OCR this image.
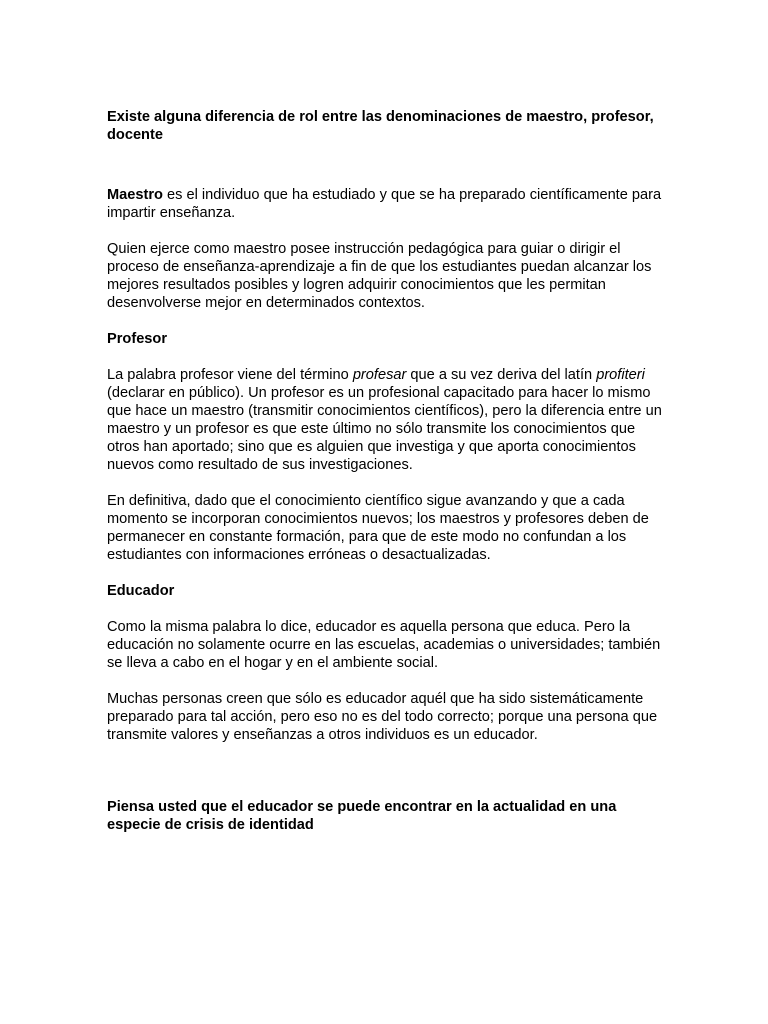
Existe alguna diferencia de rol entre las denominaciones de maestro, profesor, docente

Maestro es el individuo que ha estudiado y que se ha preparado científicamente para impartir enseñanza.

Quien ejerce como maestro posee instrucción pedagógica para guiar o dirigir el proceso de enseñanza-aprendizaje a fin de que los estudiantes puedan alcanzar los mejores resultados posibles y logren adquirir conocimientos que les permitan desenvolverse mejor en determinados contextos.

Profesor

La palabra profesor viene del término profesar que a su vez deriva del latín profiteri (declarar en público). Un profesor es un profesional capacitado para hacer lo mismo que hace un maestro (transmitir conocimientos científicos), pero la diferencia entre un maestro y un profesor es que este último no sólo transmite los conocimientos que otros han aportado; sino que es alguien que investiga y que aporta conocimientos nuevos como resultado de sus investigaciones.

En definitiva, dado que el conocimiento científico sigue avanzando y que a cada momento se incorporan conocimientos nuevos; los maestros y profesores deben de permanecer en constante formación, para que de este modo no confundan a los estudiantes con informaciones erróneas o desactualizadas.

Educador

Como la misma palabra lo dice, educador es aquella persona que educa. Pero la educación no solamente ocurre en las escuelas, academias o universidades; también se lleva a cabo en el hogar y en el ambiente social.

Muchas personas creen que sólo es educador aquél que ha sido sistemáticamente preparado para tal acción, pero eso no es del todo correcto; porque una persona que transmite valores y enseñanzas a otros individuos es un educador.

Piensa usted que el educador se puede encontrar en la actualidad en una especie de crisis de identidad
